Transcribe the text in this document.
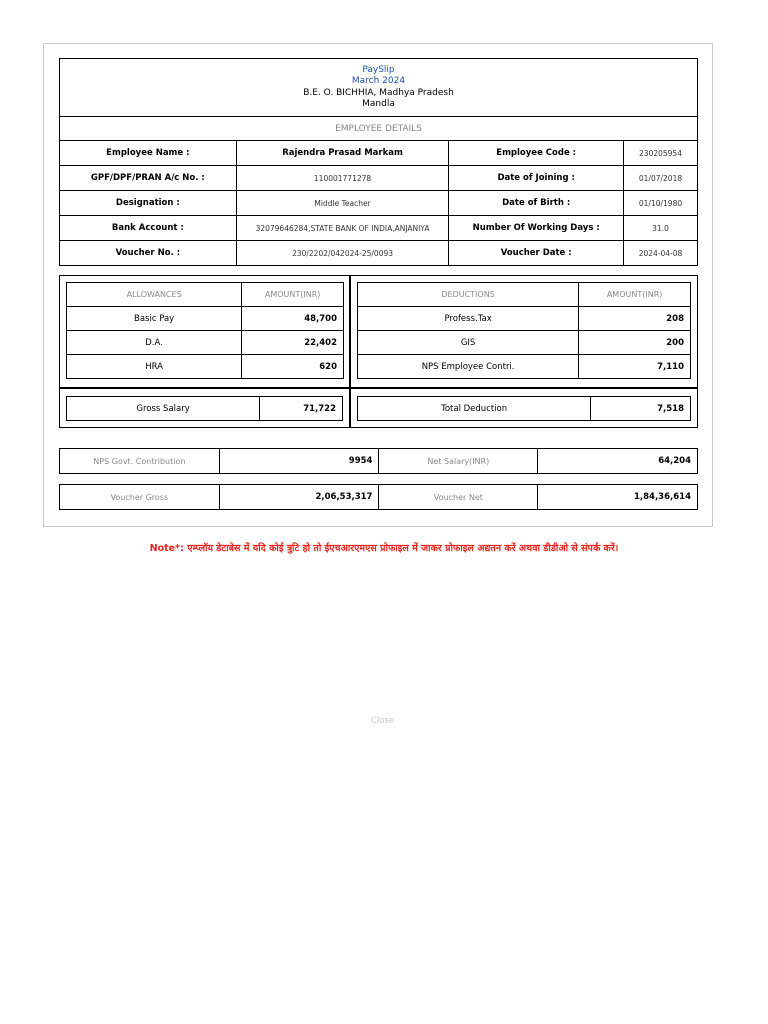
PaySlip
March 2024
B.E. O. BICHHIA, Madhya Pradesh
Mandla

EMPLOYEE DETAILS
Employee Name :	Rajendra Prasad Markam	Employee Code :	230205954
GPF/DPF/PRAN A/c No. :	110001771278	Date of Joining :	01/07/2018
Designation :	Middle Teacher	Date of Birth :	01/10/1980
Bank Account :	32079646284,STATE BANK OF INDIA,ANJANIYA	Number Of Working Days :	31.0
Voucher No. :	230/2202/042024-25/0093	Voucher Date :	2024-04-08
ALLOWANCES	AMOUNT(INR)
Basic Pay	48,700
D.A.	22,402
HRA	620
DEDUCTIONS	AMOUNT(INR)
Profess.Tax	208
GIS	200
NPS Employee Contri.	7,110
Gross Salary	71,722	Total Deduction	7,518
NPS Govt. Contribution	9954	Net Salary(INR)	64,204
Voucher Gross	2,06,53,317	Voucher Net	1,84,36,614
Note*: एम्प्लॉय डेटाबेस में यदि कोई त्रुटि हो तो ईएचआरएमएस प्रोफाइल में जाकर प्रोफाइल अद्यतन करें अथवा डीडीओ से संपर्क करें।
Close
